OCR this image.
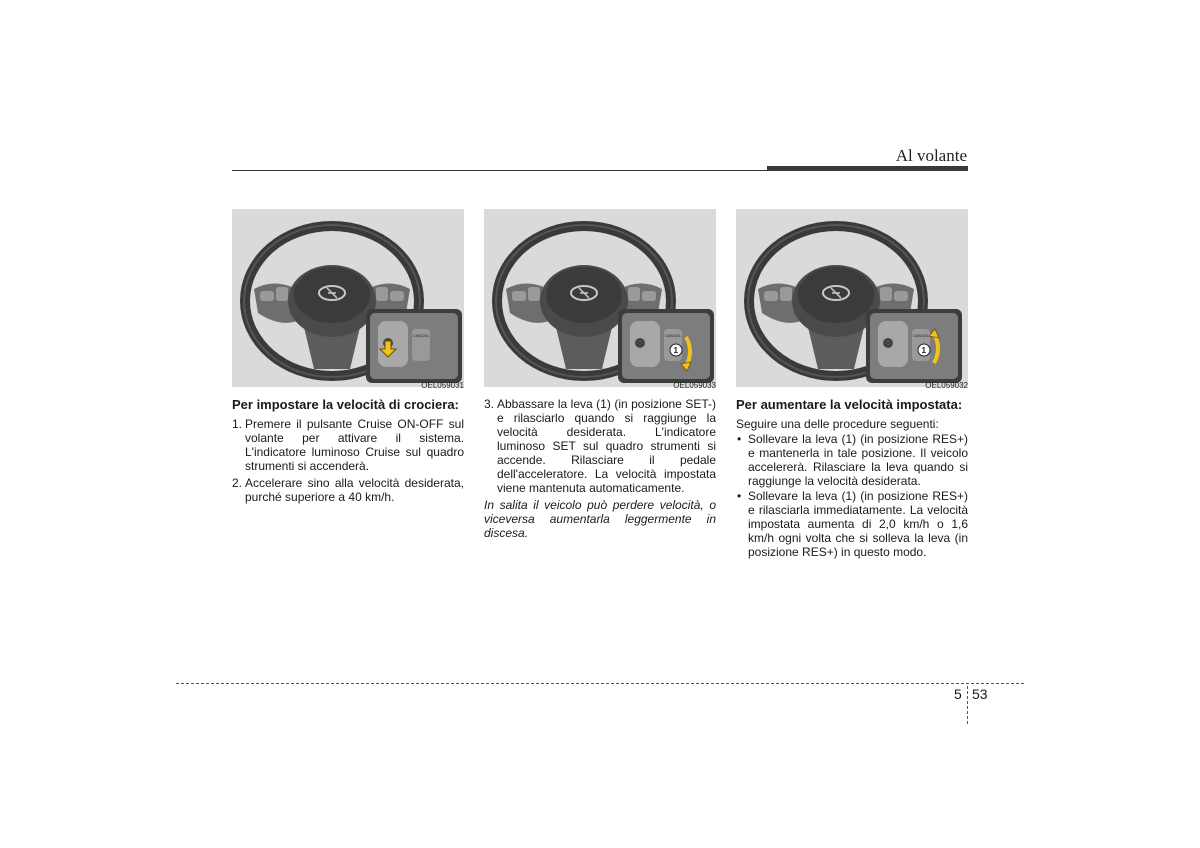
Al volante
CANCEL
OEL059031
CANCEL
1
OEL059033
CANCEL
1
OEL059032
Per impostare la velocità di crociera:
1. Premere il pulsante Cruise ON-OFF sul volante per attivare il sistema. L'indicatore luminoso Cruise sul quadro strumenti si accenderà.
2. Accelerare sino alla velocità desiderata, purché superiore a 40 km/h.
3. Abbassare la leva (1) (in posizione SET-) e rilasciarlo quando si raggiunge la velocità desiderata. L'indicatore luminoso SET sul quadro strumenti si accende. Rilasciare il pedale dell'acceleratore. La velocità impostata viene mantenuta automaticamente.
In salita il veicolo può perdere velocità, o viceversa aumentarla leggermente in discesa.
Per aumentare la velocità impostata:
Seguire una delle procedure seguenti:
• Sollevare la leva (1) (in posizione RES+) e mantenerla in tale posizione. Il veicolo accelererà. Rilasciare la leva quando si raggiunge la velocità desiderata.
• Sollevare la leva (1) (in posizione RES+) e rilasciarla immediatamente. La velocità impostata aumenta di 2,0 km/h o 1,6 km/h ogni volta che si solleva la leva (in posizione RES+) in questo modo.
5 53
